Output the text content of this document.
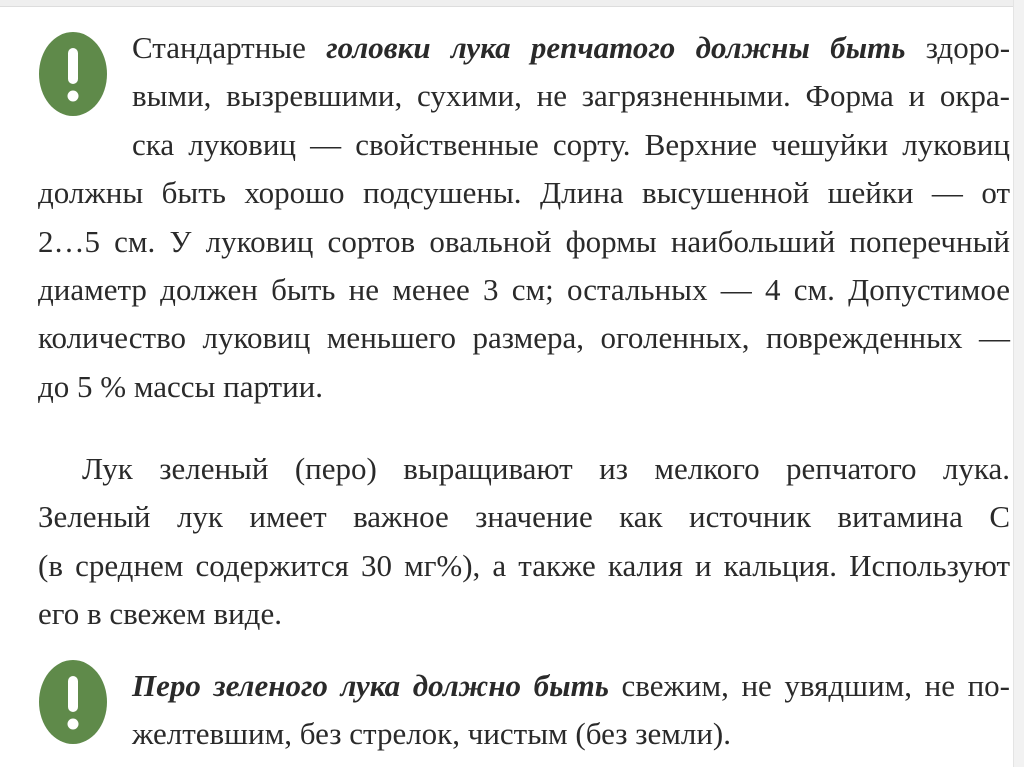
Стандартные головки лука репчатого должны быть здоро-
выми, вызревшими, сухими, не загрязненными. Форма и окра-
ска луковиц — свойственные сорту. Верхние чешуйки луковиц
должны быть хорошо подсушены. Длина высушенной шейки — от
2…5 см. У луковиц сортов овальной формы наибольший поперечный
диаметр должен быть не менее 3 см; остальных — 4 см. Допустимое
количество луковиц меньшего размера, оголенных, поврежденных —
до 5 % массы партии.
Лук зеленый (перо) выращивают из мелкого репчатого лука.
Зеленый лук имеет важное значение как источник витамина С
(в среднем содержится 30 мг%), а также калия и кальция. Используют
его в свежем виде.
Перо зеленого лука должно быть свежим, не увядшим, не по-
желтевшим, без стрелок, чистым (без земли).
